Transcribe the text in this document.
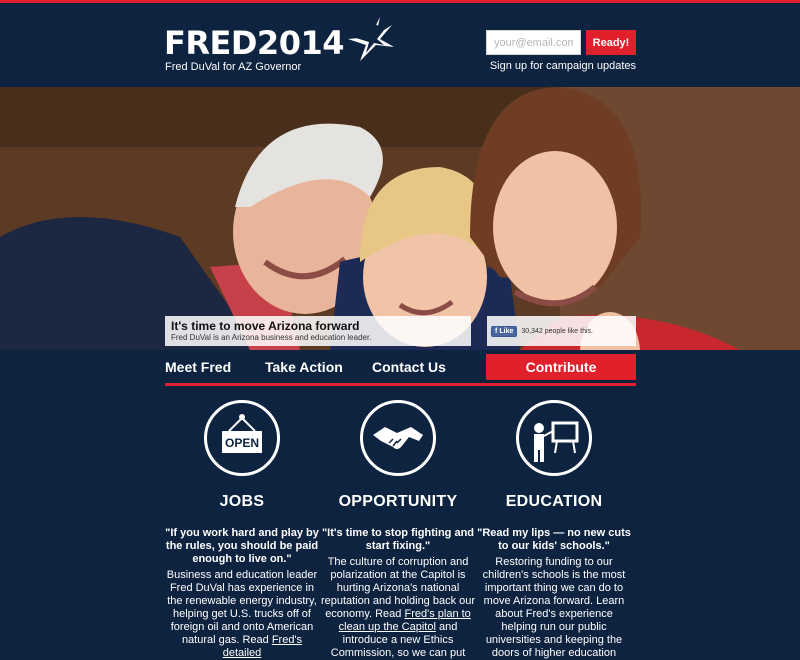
FRED2014
Fred DuVal for AZ Governor
your@email.com
Ready!
Sign up for campaign updates
It's time to move Arizona forward
Fred DuVal is an Arizona business and education leader.
f Like 30,342 people like this.
Meet Fred Take Action Contact Us	Contribute
OPEN
JOBS
"If you work hard and play by the rules, you should be paid enough to live on."
Business and education leader Fred DuVal has experience in the renewable energy industry, helping get U.S. trucks off of foreign oil and onto American natural gas. Read Fred's detailed
OPPORTUNITY
"It's time to stop fighting and start fixing."
The culture of corruption and polarization at the Capitol is hurting Arizona's national reputation and holding back our economy. Read Fred's plan to clean up the Capitol and introduce a new Ethics Commission, so we can put
EDUCATION
"Read my lips — no new cuts to our kids' schools."
Restoring funding to our children's schools is the most important thing we can do to move Arizona forward. Learn about Fred's experience helping run our public universities and keeping the doors of higher education
